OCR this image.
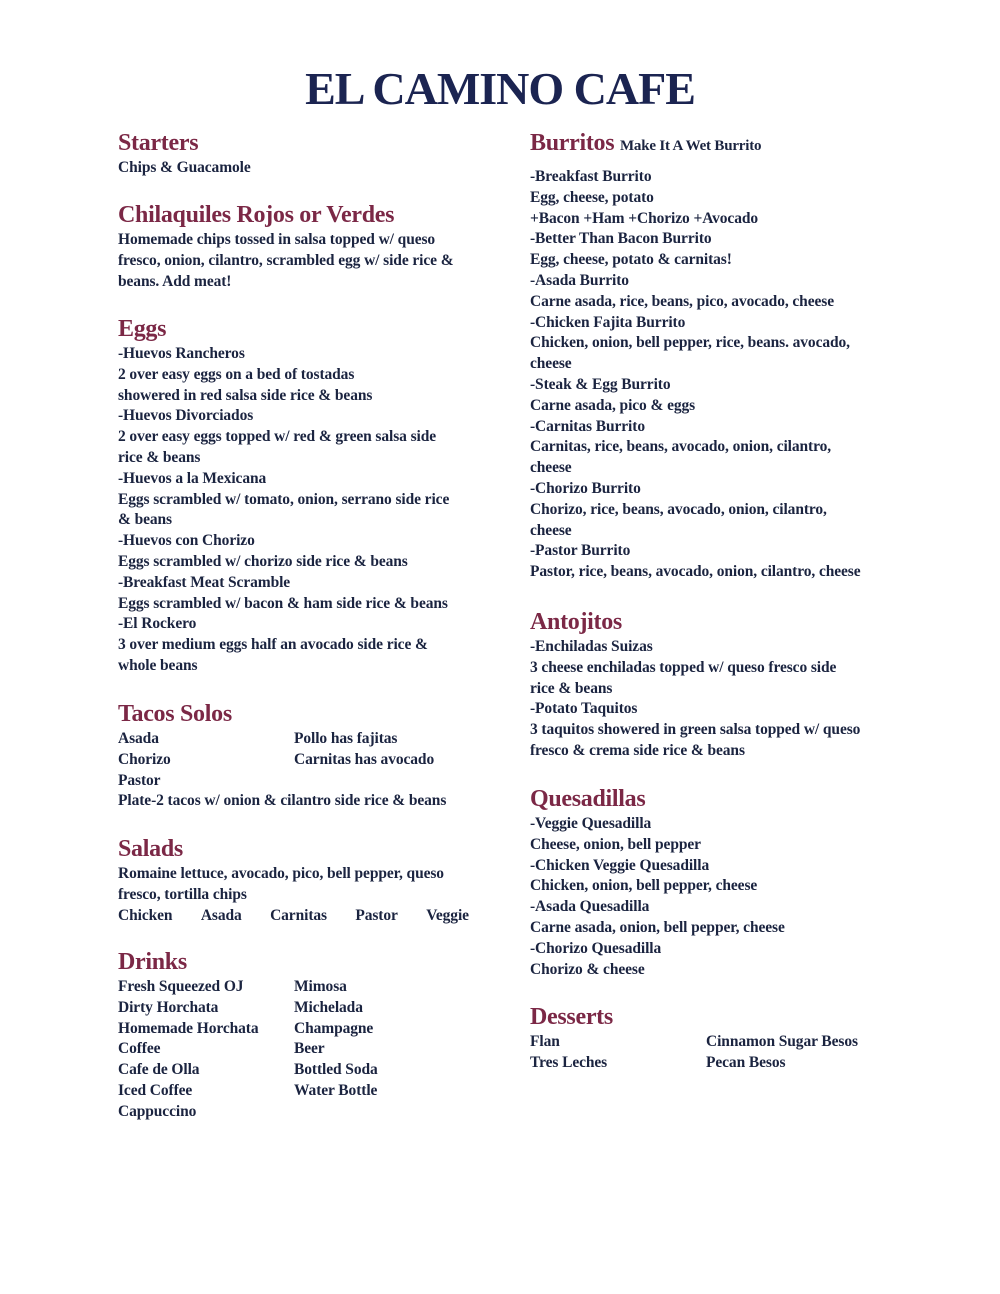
EL CAMINO CAFE
Starters
Chips & Guacamole
Chilaquiles Rojos or Verdes
Homemade chips tossed in salsa topped w/ queso
fresco, onion, cilantro, scrambled egg w/ side rice &
beans. Add meat!
Eggs
-Huevos Rancheros
2 over easy eggs on a bed of tostadas
showered in red salsa side rice & beans
-Huevos Divorciados
2 over easy eggs topped w/ red & green salsa side
rice & beans
-Huevos a la Mexicana
Eggs scrambled w/ tomato, onion, serrano side rice
& beans
-Huevos con Chorizo
Eggs scrambled w/ chorizo side rice & beans
-Breakfast Meat Scramble
Eggs scrambled w/ bacon & ham side rice & beans
-El Rockero
3 over medium eggs half an avocado side rice &
whole beans
Tacos Solos
Asada	Pollo has fajitas
Chorizo	Carnitas has avocado
Pastor
Plate-2 tacos w/ onion & cilantro side rice & beans
Salads
Romaine lettuce, avocado, pico, bell pepper, queso
fresco, tortilla chips
Chicken Asada Carnitas Pastor Veggie
Drinks
Fresh Squeezed OJ	Mimosa
Dirty Horchata	Michelada
Homemade Horchata	Champagne
Coffee	Beer
Cafe de Olla	Bottled Soda
Iced Coffee	Water Bottle
Cappuccino
Burritos Make It A Wet Burrito
-Breakfast Burrito
Egg, cheese, potato
+Bacon +Ham +Chorizo +Avocado
-Better Than Bacon Burrito
Egg, cheese, potato & carnitas!
-Asada Burrito
Carne asada, rice, beans, pico, avocado, cheese
-Chicken Fajita Burrito
Chicken, onion, bell pepper, rice, beans. avocado,
cheese
-Steak & Egg Burrito
Carne asada, pico & eggs
-Carnitas Burrito
Carnitas, rice, beans, avocado, onion, cilantro,
cheese
-Chorizo Burrito
Chorizo, rice, beans, avocado, onion, cilantro,
cheese
-Pastor Burrito
Pastor, rice, beans, avocado, onion, cilantro, cheese
Antojitos
-Enchiladas Suizas
3 cheese enchiladas topped w/ queso fresco side
rice & beans
-Potato Taquitos
3 taquitos showered in green salsa topped w/ queso
fresco & crema side rice & beans
Quesadillas
-Veggie Quesadilla
Cheese, onion, bell pepper
-Chicken Veggie Quesadilla
Chicken, onion, bell pepper, cheese
-Asada Quesadilla
Carne asada, onion, bell pepper, cheese
-Chorizo Quesadilla
Chorizo & cheese
Desserts
Flan	Cinnamon Sugar Besos
Tres Leches	Pecan Besos
